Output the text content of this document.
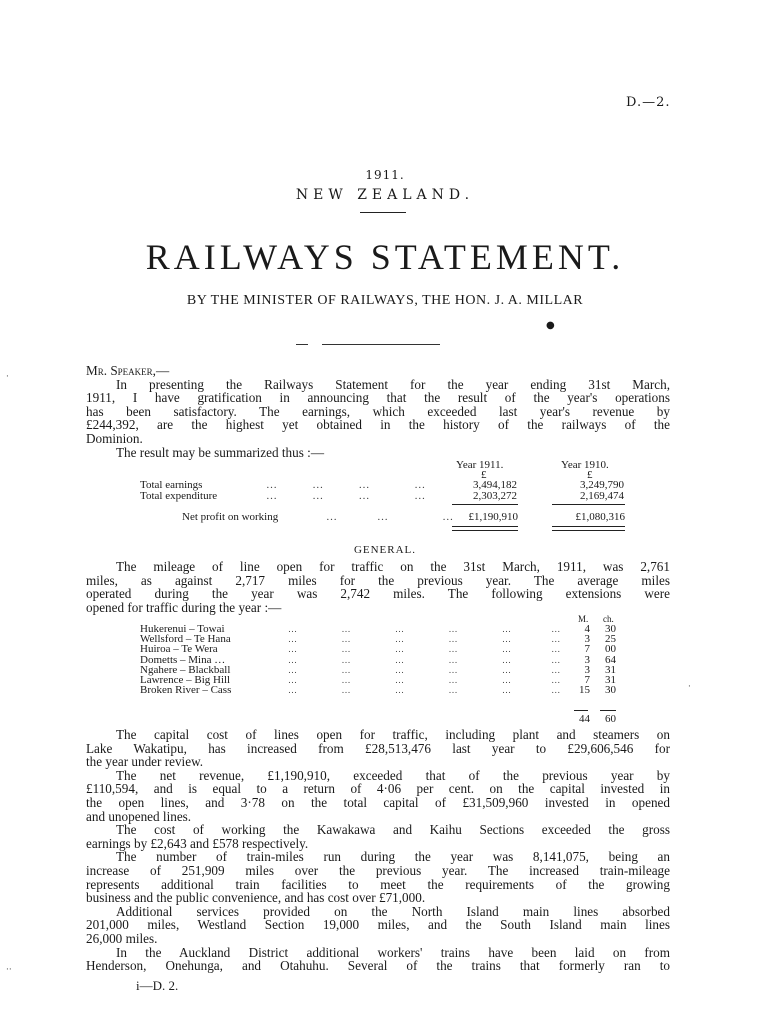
D.—2.
1911.
NEW ZEALAND.
RAILWAYS STATEMENT.
BY THE MINISTER OF RAILWAYS, THE HON. J. A. MILLAR
●
·
·
··
Mr. Speaker,—
In presenting the Railways Statement for the year ending 31st March,
1911, I have gratification in announcing that the result of the year's operations
has been satisfactory. The earnings, which exceeded last year's revenue by
£244,392, are the highest yet obtained in the history of the railways of the
Dominion.
The result may be summarized thus :—
Year 1911.	Year 1910.
£	£
Total earnings	…       …       …         …	3,494,182	3,249,790
Total expenditure	…       …       …         …	2,303,272	2,169,474
Net profit on working	…        …           …	£1,190,910	£1,080,316
GENERAL.
The mileage of line open for traffic on the 31st March, 1911, was 2,761
miles, as against 2,717 miles for the previous year. The average miles
operated during the year was 2,742 miles. The following extensions were
opened for traffic during the year :—
M. ch.
Hukerenui – Towai	…          …          …          …          …         …	4	30
Wellsford – Te Hana	…          …          …          …          …         …	3	25
Huiroa – Te Wera	…          …          …          …          …         …	7	00
Dometts – Mina …	…          …          …          …          …         …	3	64
Ngahere – Blackball	…          …          …          …          …         …	3	31
Lawrence – Big Hill	…          …          …          …          …         …	7	31
Broken River – Cass	…          …          …          …          …         …	15	30
44	60
The capital cost of lines open for traffic, including plant and steamers on
Lake Wakatipu, has increased from £28,513,476 last year to £29,606,546 for
the year under review.
The net revenue, £1,190,910, exceeded that of the previous year by
£110,594, and is equal to a return of 4·06 per cent. on the capital invested in
the open lines, and 3·78 on the total capital of £31,509,960 invested in opened
and unopened lines.
The cost of working the Kawakawa and Kaihu Sections exceeded the gross
earnings by £2,643 and £578 respectively.
The number of train-miles run during the year was 8,141,075, being an
increase of 251,909 miles over the previous year. The increased train-mileage
represents additional train facilities to meet the requirements of the growing
business and the public convenience, and has cost over £71,000.
Additional services provided on the North Island main lines absorbed
201,000 miles, Westland Section 19,000 miles, and the South Island main lines
26,000 miles.
In the Auckland District additional workers' trains have been laid on from
Henderson, Onehunga, and Otahuhu. Several of the trains that formerly ran to
i—D. 2.
